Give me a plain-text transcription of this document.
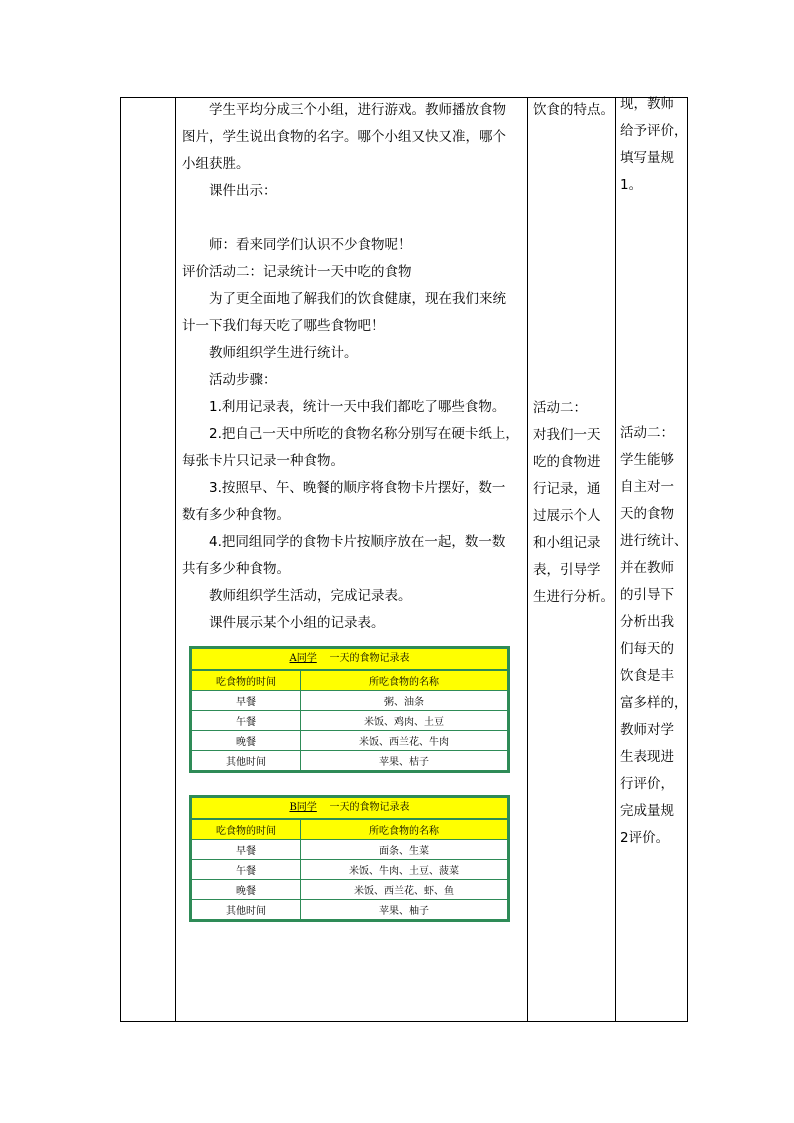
学生平均分成三个小组，进行游戏。教师播放食物

图片，学生说出食物的名字。哪个小组又快又准，哪个

小组获胜。

课件出示：

师：看来同学们认识不少食物呢！

评价活动二：记录统计一天中吃的食物

为了更全面地了解我们的饮食健康，现在我们来统

计一下我们每天吃了哪些食物吧！

教师组织学生进行统计。

活动步骤：

1.利用记录表，统计一天中我们都吃了哪些食物。

2.把自己一天中所吃的食物名称分别写在硬卡纸上，

每张卡片只记录一种食物。

3.按照早、午、晚餐的顺序将食物卡片摆好，数一

数有多少种食物。

4.把同组同学的食物卡片按顺序放在一起，数一数

共有多少种食物。

教师组织学生活动，完成记录表。

课件展示某个小组的记录表。

饮食的特点。

活动二：

对我们一天

吃的食物进

行记录，通

过展示个人

和小组记录

表，引导学

生进行分析。

现，教师

给予评价，

填写量规

1。

活动二：

学生能够

自主对一

天的食物

进行统计、

并在教师

的引导下

分析出我

们每天的

饮食是丰

富多样的，

教师对学

生表现进

行评价，

完成量规

2评价。

A同学 一天的食物记录表
吃食物的时间	所吃食物的名称
早餐	粥、油条
午餐	米饭、鸡肉、土豆
晚餐	米饭、西兰花、牛肉
其他时间	苹果、桔子
B同学 一天的食物记录表
吃食物的时间	所吃食物的名称
早餐	面条、生菜
午餐	米饭、牛肉、土豆、菠菜
晚餐	米饭、西兰花、虾、鱼
其他时间	苹果、柚子
